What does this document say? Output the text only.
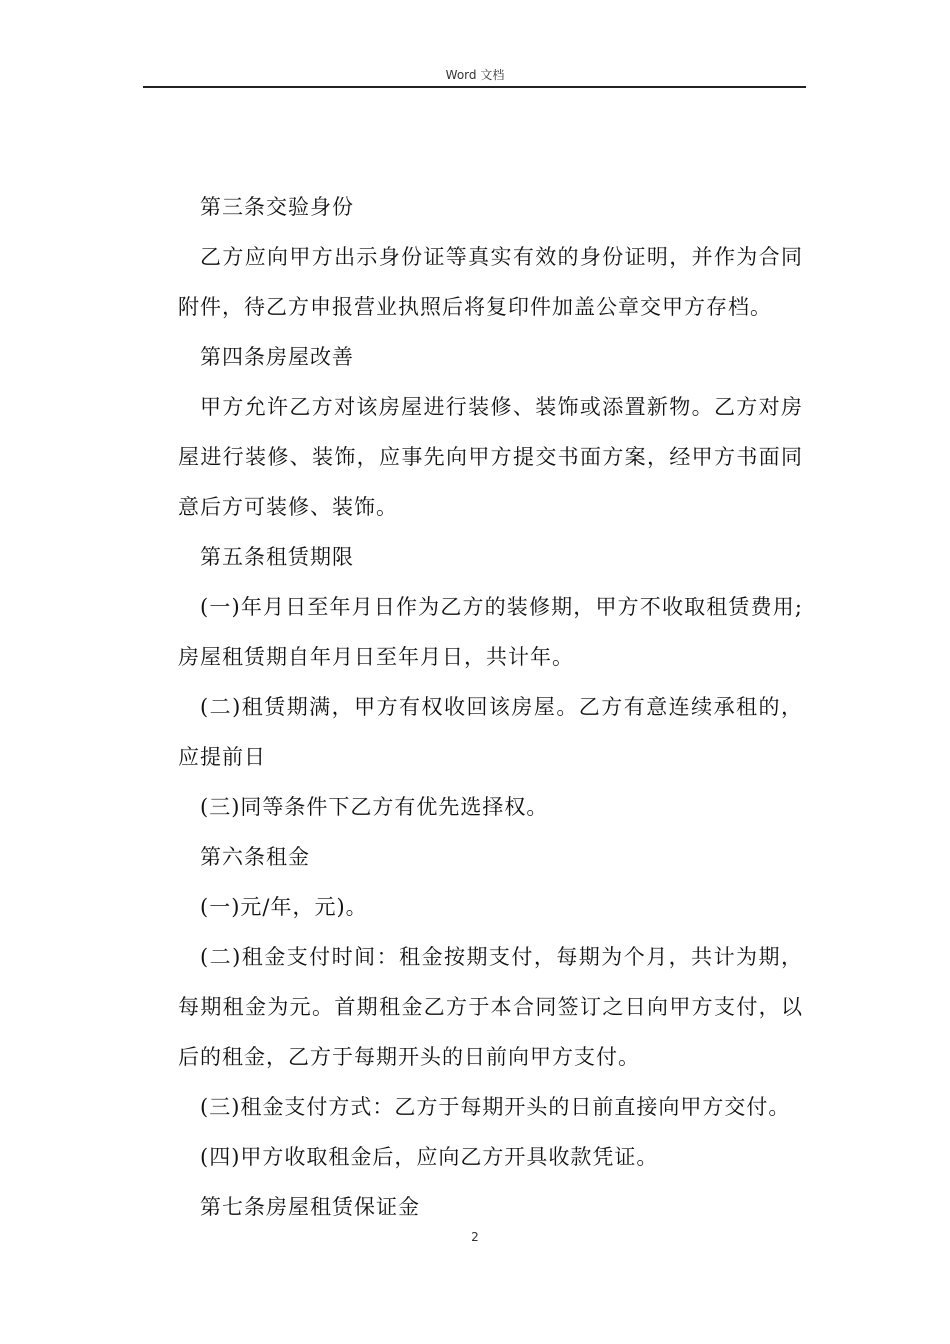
Word 文档

第三条交验身份

乙方应向甲方出示身份证等真实有效的身份证明，并作为合同附件，待乙方申报营业执照后将复印件加盖公章交甲方存档。

第四条房屋改善

甲方允许乙方对该房屋进行装修、装饰或添置新物。乙方对房屋进行装修、装饰，应事先向甲方提交书面方案，经甲方书面同意后方可装修、装饰。

第五条租赁期限

(一)年月日至年月日作为乙方的装修期，甲方不收取租赁费用;房屋租赁期自年月日至年月日，共计年。

(二)租赁期满，甲方有权收回该房屋。乙方有意连续承租的，应提前日

(三)同等条件下乙方有优先选择权。

第六条租金

(一)元/年，元)。

(二)租金支付时间：租金按期支付，每期为个月，共计为期，每期租金为元。首期租金乙方于本合同签订之日向甲方支付，以后的租金，乙方于每期开头的日前向甲方支付。

(三)租金支付方式：乙方于每期开头的日前直接向甲方交付。

(四)甲方收取租金后，应向乙方开具收款凭证。

第七条房屋租赁保证金

2
